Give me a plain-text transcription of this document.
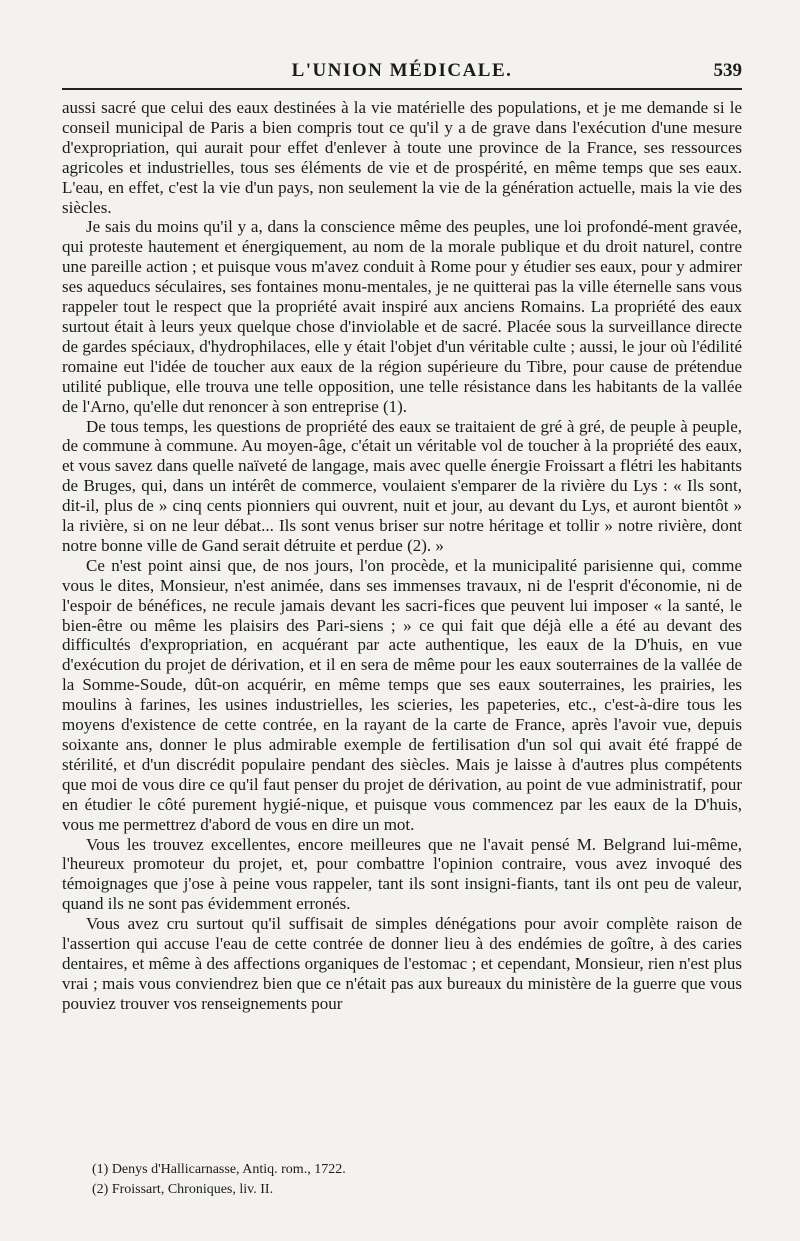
L'UNION MÉDICALE.	539

aussi sacré que celui des eaux destinées à la vie matérielle des populations, et je me demande si le conseil municipal de Paris a bien compris tout ce qu'il y a de grave dans l'exécution d'une mesure d'expropriation, qui aurait pour effet d'enlever à toute une province de la France, ses ressources agricoles et industrielles, tous ses éléments de vie et de prospérité, en même temps que ses eaux. L'eau, en effet, c'est la vie d'un pays, non seulement la vie de la génération actuelle, mais la vie des siècles.

Je sais du moins qu'il y a, dans la conscience même des peuples, une loi profondé-ment gravée, qui proteste hautement et énergiquement, au nom de la morale publique et du droit naturel, contre une pareille action ; et puisque vous m'avez conduit à Rome pour y étudier ses eaux, pour y admirer ses aqueducs séculaires, ses fontaines monu-mentales, je ne quitterai pas la ville éternelle sans vous rappeler tout le respect que la propriété avait inspiré aux anciens Romains. La propriété des eaux surtout était à leurs yeux quelque chose d'inviolable et de sacré. Placée sous la surveillance directe de gardes spéciaux, d'hydrophilaces, elle y était l'objet d'un véritable culte ; aussi, le jour où l'édilité romaine eut l'idée de toucher aux eaux de la région supérieure du Tibre, pour cause de prétendue utilité publique, elle trouva une telle opposition, une telle résistance dans les habitants de la vallée de l'Arno, qu'elle dut renoncer à son entreprise (1).

De tous temps, les questions de propriété des eaux se traitaient de gré à gré, de peuple à peuple, de commune à commune. Au moyen-âge, c'était un véritable vol de toucher à la propriété des eaux, et vous savez dans quelle naïveté de langage, mais avec quelle énergie Froissart a flétri les habitants de Bruges, qui, dans un intérêt de commerce, voulaient s'emparer de la rivière du Lys : « Ils sont, dit-il, plus de » cinq cents pionniers qui ouvrent, nuit et jour, au devant du Lys, et auront bientôt » la rivière, si on ne leur débat... Ils sont venus briser sur notre héritage et tollir » notre rivière, dont notre bonne ville de Gand serait détruite et perdue (2). »

Ce n'est point ainsi que, de nos jours, l'on procède, et la municipalité parisienne qui, comme vous le dites, Monsieur, n'est animée, dans ses immenses travaux, ni de l'esprit d'économie, ni de l'espoir de bénéfices, ne recule jamais devant les sacri-fices que peuvent lui imposer « la santé, le bien-être ou même les plaisirs des Pari-siens ; » ce qui fait que déjà elle a été au devant des difficultés d'expropriation, en acquérant par acte authentique, les eaux de la D'huis, en vue d'exécution du projet de dérivation, et il en sera de même pour les eaux souterraines de la vallée de la Somme-Soude, dût-on acquérir, en même temps que ses eaux souterraines, les prairies, les moulins à farines, les usines industrielles, les scieries, les papeteries, etc., c'est-à-dire tous les moyens d'existence de cette contrée, en la rayant de la carte de France, après l'avoir vue, depuis soixante ans, donner le plus admirable exemple de fertilisation d'un sol qui avait été frappé de stérilité, et d'un discrédit populaire pendant des siècles. Mais je laisse à d'autres plus compétents que moi de vous dire ce qu'il faut penser du projet de dérivation, au point de vue administratif, pour en étudier le côté purement hygié-nique, et puisque vous commencez par les eaux de la D'huis, vous me permettrez d'abord de vous en dire un mot.

Vous les trouvez excellentes, encore meilleures que ne l'avait pensé M. Belgrand lui-même, l'heureux promoteur du projet, et, pour combattre l'opinion contraire, vous avez invoqué des témoignages que j'ose à peine vous rappeler, tant ils sont insigni-fiants, tant ils ont peu de valeur, quand ils ne sont pas évidemment erronés.

Vous avez cru surtout qu'il suffisait de simples dénégations pour avoir complète raison de l'assertion qui accuse l'eau de cette contrée de donner lieu à des endémies de goître, à des caries dentaires, et même à des affections organiques de l'estomac ; et cependant, Monsieur, rien n'est plus vrai ; mais vous conviendrez bien que ce n'était pas aux bureaux du ministère de la guerre que vous pouviez trouver vos renseignements pour

(1) Denys d'Hallicarnasse, Antiq. rom., 1722.
(2) Froissart, Chroniques, liv. II.
